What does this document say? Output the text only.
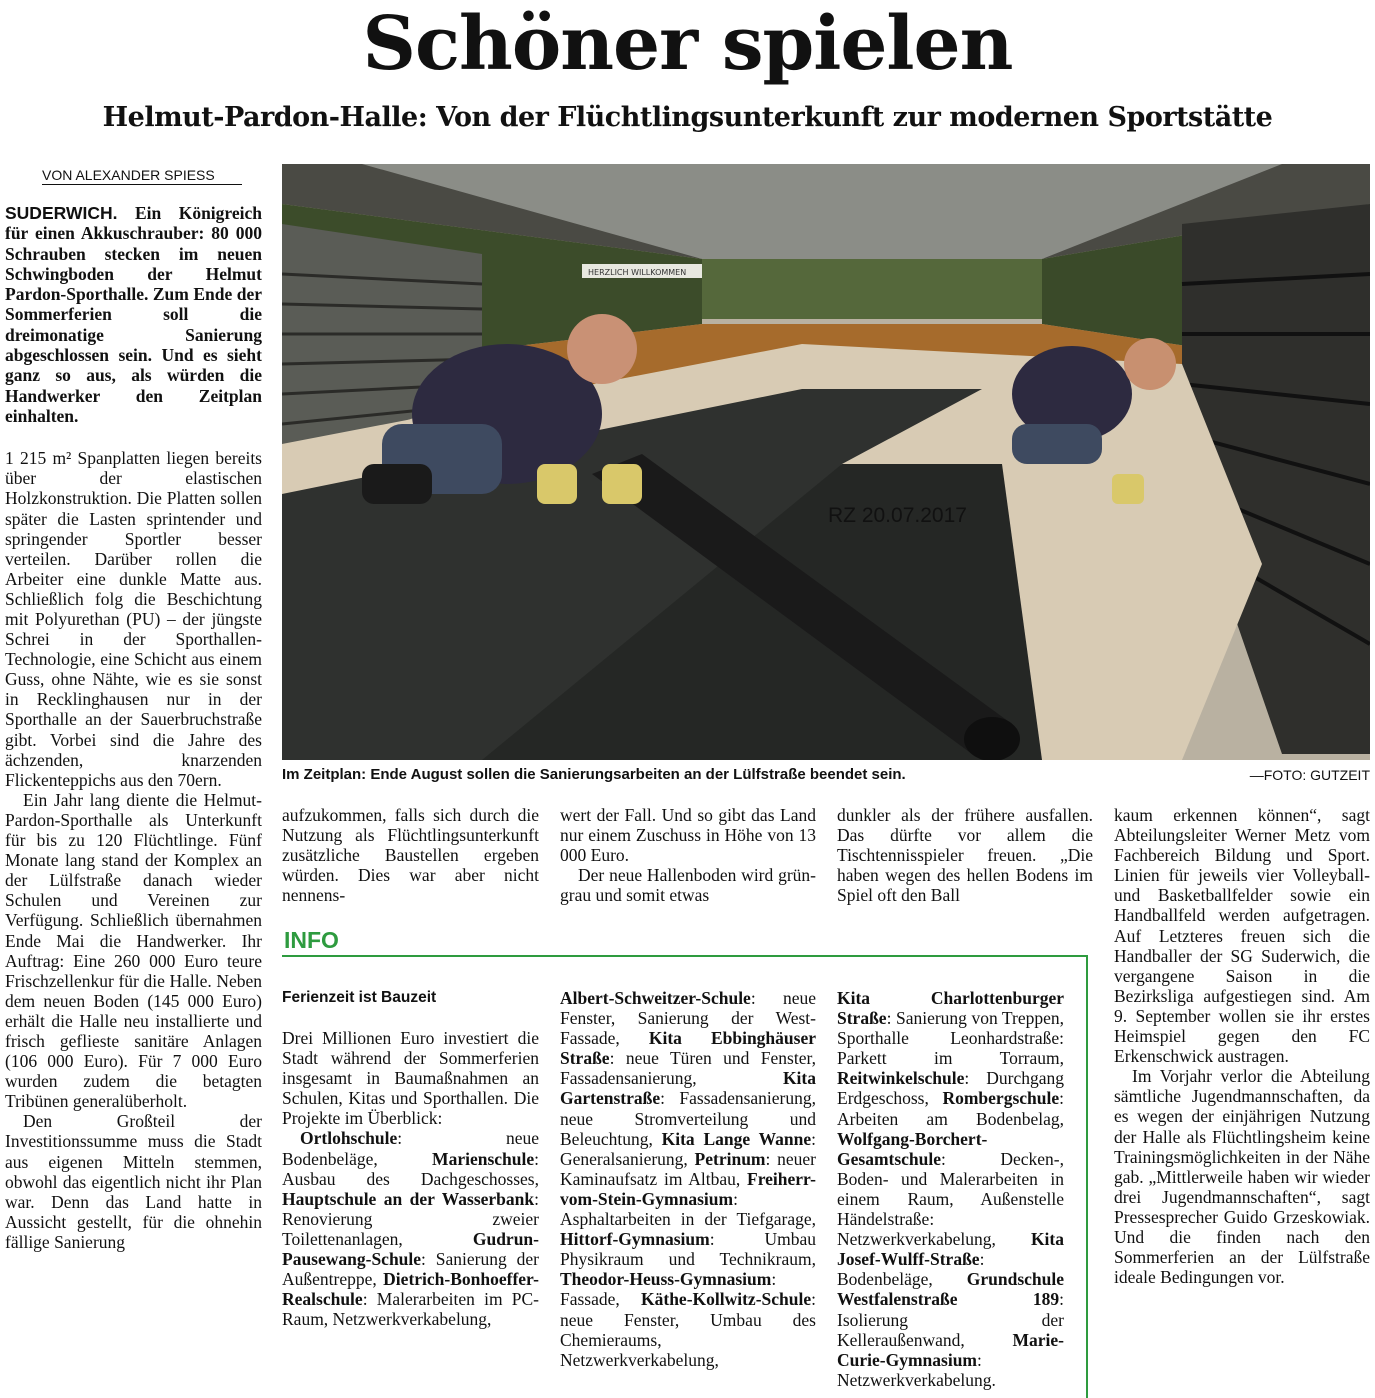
Schöner spielen
Helmut-Pardon-Halle: Von der Flüchtlingsunterkunft zur modernen Sportstätte
VON ALEXANDER SPIESS

SUDERWICH. Ein Königreich für einen Akkuschrauber: 80 000 Schrauben stecken im neuen Schwingboden der Helmut Pardon-Sporthalle. Zum Ende der Sommerferien soll die dreimonatige Sanierung abgeschlossen sein. Und es sieht ganz so aus, als würden die Handwerker den Zeitplan einhalten.

1 215 m² Spanplatten liegen bereits über der elastischen Holzkonstruktion. Die Platten sollen später die Lasten sprintender und springender Sportler besser verteilen. Darüber rollen die Arbeiter eine dunkle Matte aus. Schließlich folg die Beschichtung mit Polyurethan (PU) – der jüngste Schrei in der Sporthallen-Technologie, eine Schicht aus einem Guss, ohne Nähte, wie es sie sonst in Recklinghausen nur in der Sporthalle an der Sauerbruchstraße gibt. Vorbei sind die Jahre des ächzenden, knarzenden Flickenteppichs aus den 70ern.

Ein Jahr lang diente die Helmut-Pardon-Sporthalle als Unterkunft für bis zu 120 Flüchtlinge. Fünf Monate lang stand der Komplex an der Lülfstraße danach wieder Schulen und Vereinen zur Verfügung. Schließlich übernahmen Ende Mai die Handwerker. Ihr Auftrag: Eine 260 000 Euro teure Frischzellenkur für die Halle. Neben dem neuen Boden (145 000 Euro) erhält die Halle neu installierte und frisch geflieste sanitäre Anlagen (106 000 Euro). Für 7 000 Euro wurden zudem die betagten Tribünen generalüberholt.

Den Großteil der Investitionssumme muss die Stadt aus eigenen Mitteln stemmen, obwohl das eigentlich nicht ihr Plan war. Denn das Land hatte in Aussicht gestellt, für die ohnehin fällige Sanierung

HERZLICH WILLKOMMEN
RZ 20.07.2017
Im Zeitplan: Ende August sollen die Sanierungsarbeiten an der Lülfstraße beendet sein.	—FOTO: GUTZEIT

aufzukommen, falls sich durch die Nutzung als Flüchtlingsunterkunft zusätzliche Baustellen ergeben würden. Dies war aber nicht nennens-

wert der Fall. Und so gibt das Land nur einem Zuschuss in Höhe von 13 000 Euro.

Der neue Hallenboden wird grün-grau und somit etwas

dunkler als der frühere ausfallen. Das dürfte vor allem die Tischtennisspieler freuen. „Die haben wegen des hellen Bodens im Spiel oft den Ball

kaum erkennen können“, sagt Abteilungsleiter Werner Metz vom Fachbereich Bildung und Sport. Linien für jeweils vier Volleyball- und Basketballfelder sowie ein Handballfeld werden aufgetragen. Auf Letzteres freuen sich die Handballer der SG Suderwich, die vergangene Saison in die Bezirksliga aufgestiegen sind. Am 9. September wollen sie ihr erstes Heimspiel gegen den FC Erkenschwick austragen.

Im Vorjahr verlor die Abteilung sämtliche Jugendmannschaften, da es wegen der einjährigen Nutzung der Halle als Flüchtlingsheim keine Trainingsmöglichkeiten in der Nähe gab. „Mittlerweile haben wir wieder drei Jugendmannschaften“, sagt Pressesprecher Guido Grzeskowiak. Und die finden nach den Sommerferien an der Lülfstraße ideale Bedingungen vor.

INFO
Ferienzeit ist Bauzeit

Drei Millionen Euro investiert die Stadt während der Sommerferien insgesamt in Baumaßnahmen an Schulen, Kitas und Sporthallen. Die Projekte im Überblick:

Ortlohschule: neue Bodenbeläge, Marienschule: Ausbau des Dachgeschosses, Hauptschule an der Wasserbank: Renovierung zweier Toilettenanlagen, Gudrun-Pausewang-Schule: Sanierung der Außentreppe, Dietrich-Bonhoeffer-Realschule: Malerarbeiten im PC-Raum, Netzwerkverkabelung,

Albert-Schweitzer-Schule: neue Fenster, Sanierung der West-Fassade, Kita Ebbinghäuser Straße: neue Türen und Fenster, Fassadensanierung, Kita Gartenstraße: Fassadensanierung, neue Stromverteilung und Beleuchtung, Kita Lange Wanne: Generalsanierung, Petrinum: neuer Kaminaufsatz im Altbau, Freiherr-vom-Stein-Gymnasium: Asphaltarbeiten in der Tiefgarage, Hittorf-Gymnasium: Umbau Physikraum und Technikraum, Theodor-Heuss-Gymnasium: Fassade, Käthe-Kollwitz-Schule: neue Fenster, Umbau des Chemieraums, Netzwerkverkabelung,

Kita Charlottenburger Straße: Sanierung von Treppen, Sporthalle Leonhardstraße: Parkett im Torraum, Reitwinkelschule: Durchgang Erdgeschoss, Rombergschule: Arbeiten am Bodenbelag, Wolfgang-Borchert-Gesamtschule: Decken-, Boden- und Malerarbeiten in einem Raum, Außenstelle Händelstraße: Netzwerkverkabelung, Kita Josef-Wulff-Straße: Bodenbeläge, Grundschule Westfalenstraße 189: Isolierung der Kelleraußenwand, Marie-Curie-Gymnasium: Netzwerkverkabelung.
